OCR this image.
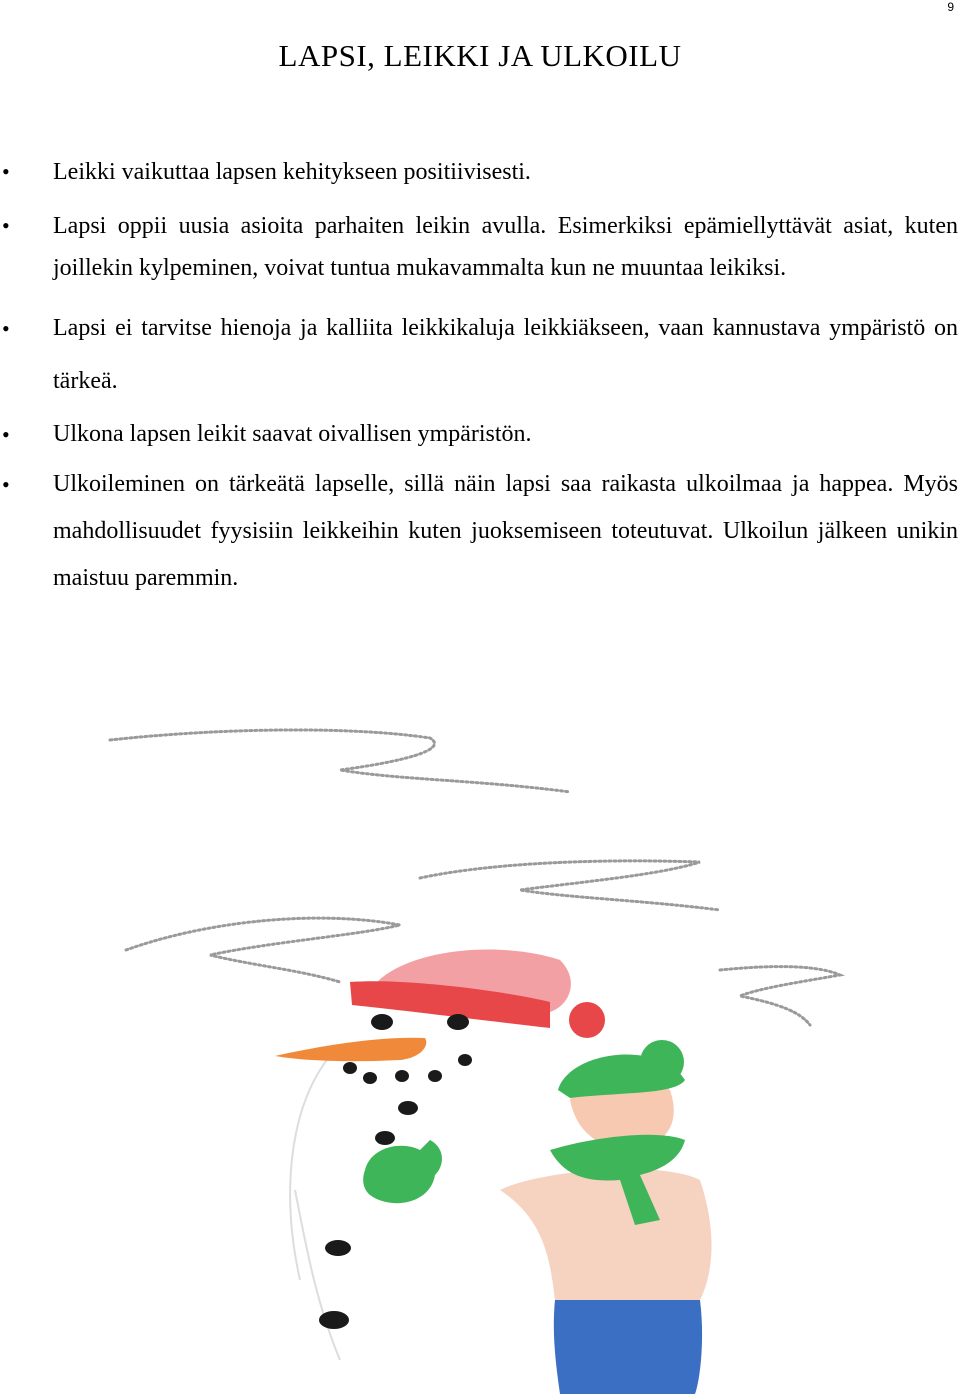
9
LAPSI, LEIKKI JA ULKOILU
• Leikki vaikuttaa lapsen kehitykseen positiivisesti.
• Lapsi oppii uusia asioita parhaiten leikin avulla. Esimerkiksi epämiellyttävät asiat, kuten joillekin kylpeminen, voivat tuntua mukavammalta kun ne muuntaa leikiksi.
• Lapsi ei tarvitse hienoja ja kalliita leikkikaluja leikkiäkseen, vaan kannustava ympäristö on tärkeä.
• Ulkona lapsen leikit saavat oivallisen ympäristön.
• Ulkoileminen on tärkeätä lapselle, sillä näin lapsi saa raikasta ulkoilmaa ja happea. Myös mahdollisuudet fyysisiin leikkeihin kuten juoksemiseen toteutuvat. Ulkoilun jälkeen unikin maistuu paremmin.
